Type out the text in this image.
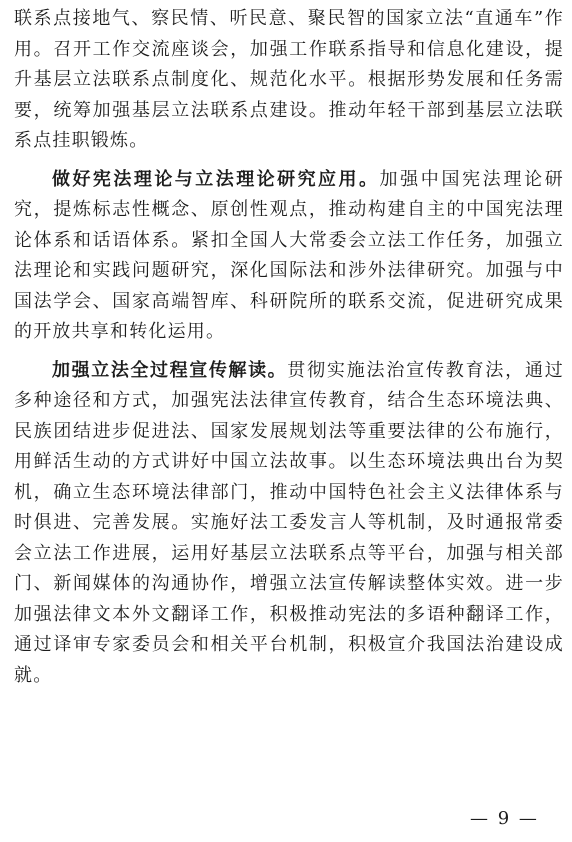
联系点接地气、察民情、听民意、聚民智的国家立法“直通车”作用。召开工作交流座谈会，加强工作联系指导和信息化建设，提升基层立法联系点制度化、规范化水平。根据形势发展和任务需要，统筹加强基层立法联系点建设。推动年轻干部到基层立法联系点挂职锻炼。

做好宪法理论与立法理论研究应用。加强中国宪法理论研究，提炼标志性概念、原创性观点，推动构建自主的中国宪法理论体系和话语体系。紧扣全国人大常委会立法工作任务，加强立法理论和实践问题研究，深化国际法和涉外法律研究。加强与中国法学会、国家高端智库、科研院所的联系交流，促进研究成果的开放共享和转化运用。

加强立法全过程宣传解读。贯彻实施法治宣传教育法，通过多种途径和方式，加强宪法法律宣传教育，结合生态环境法典、民族团结进步促进法、国家发展规划法等重要法律的公布施行，用鲜活生动的方式讲好中国立法故事。以生态环境法典出台为契机，确立生态环境法律部门，推动中国特色社会主义法律体系与时俱进、完善发展。实施好法工委发言人等机制，及时通报常委会立法工作进展，运用好基层立法联系点等平台，加强与相关部门、新闻媒体的沟通协作，增强立法宣传解读整体实效。进一步加强法律文本外文翻译工作，积极推动宪法的多语种翻译工作，通过译审专家委员会和相关平台机制，积极宣介我国法治建设成就。

— 9 —
